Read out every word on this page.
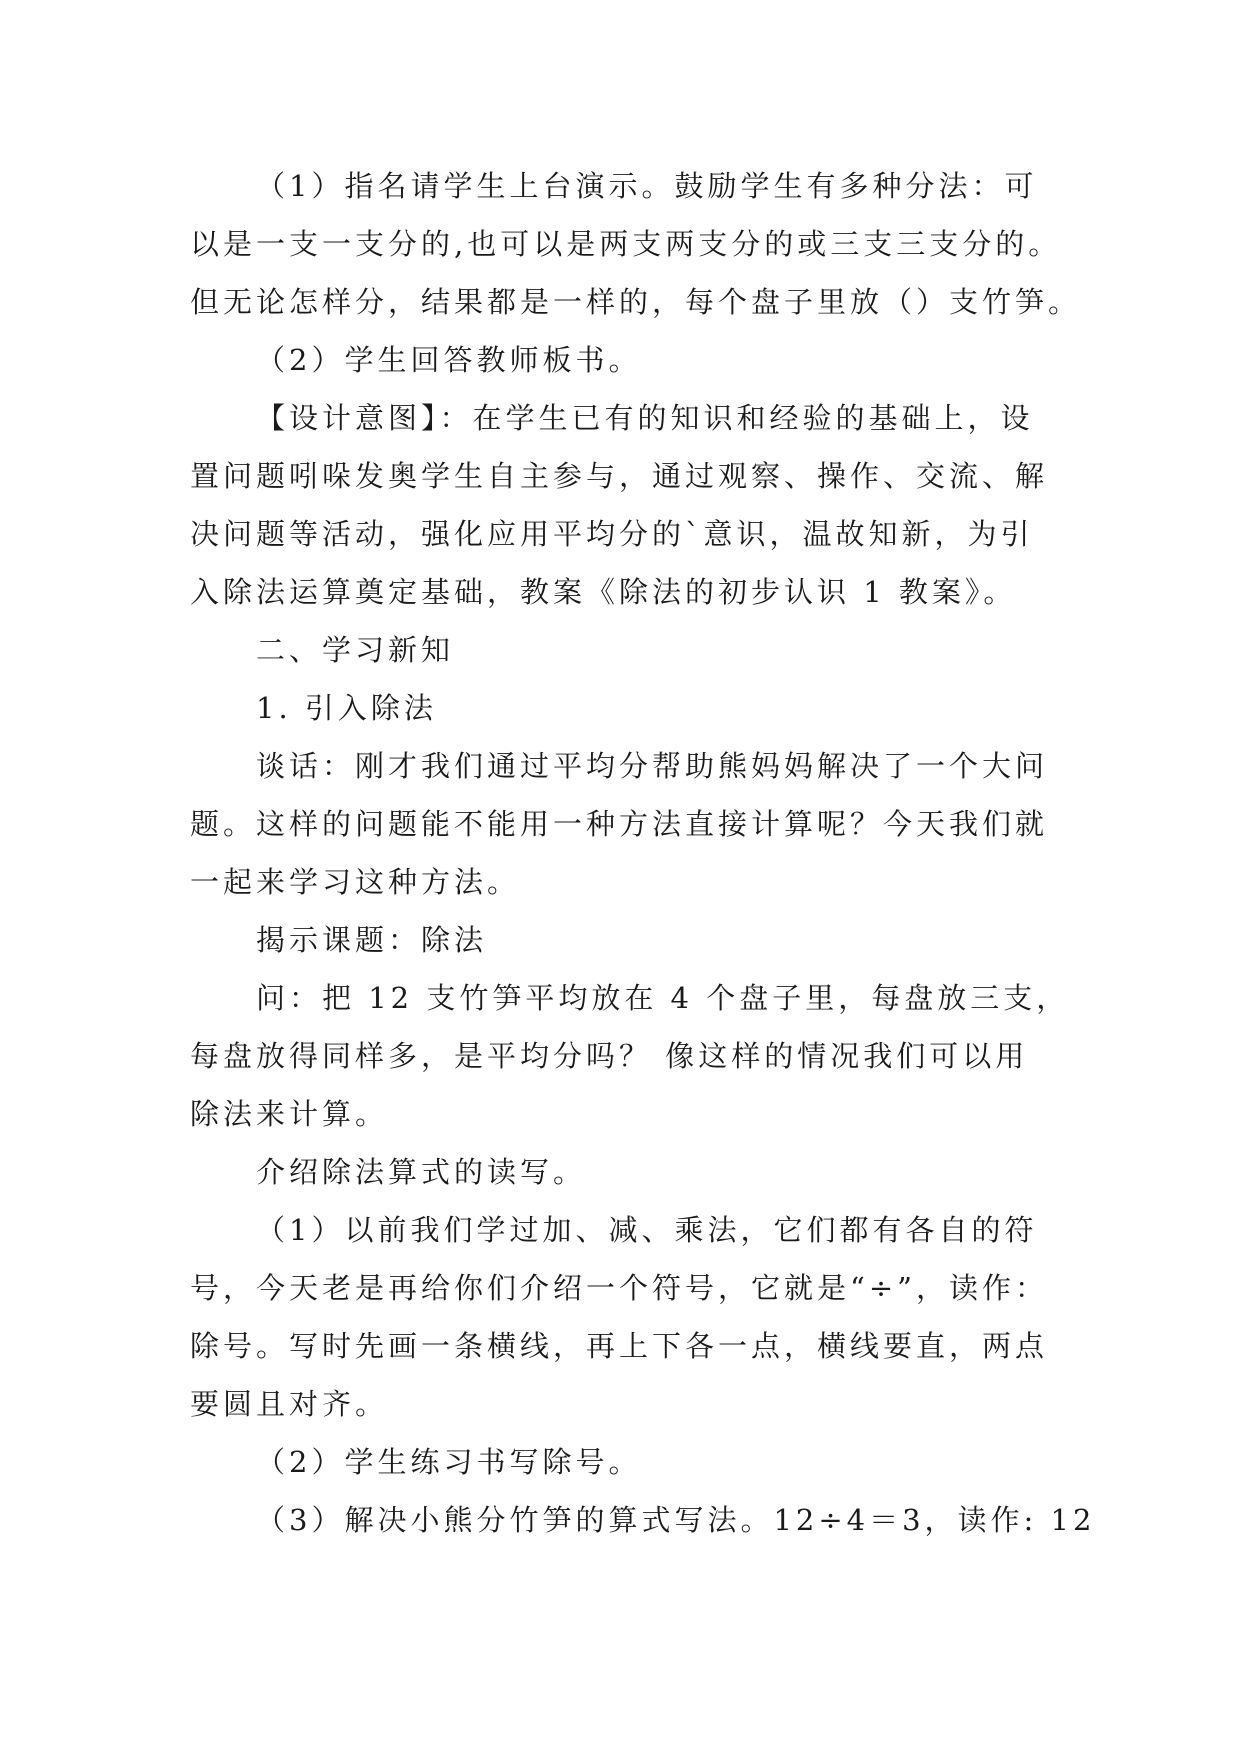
（1）指名请学生上台演示。鼓励学生有多种分法：可
以是一支一支分的,也可以是两支两支分的或三支三支分的。
但无论怎样分，结果都是一样的，每个盘子里放（）支竹笋。
（2）学生回答教师板书。
【设计意图】：在学生已有的知识和经验的基础上，设
置问题吲哚发奥学生自主参与，通过观察、操作、交流、解
决问题等活动，强化应用平均分的`意识，温故知新，为引
入除法运算奠定基础，教案《除法的初步认识 1 教案》。
二、学习新知
1. 引入除法
谈话：刚才我们通过平均分帮助熊妈妈解决了一个大问
题。这样的问题能不能用一种方法直接计算呢？今天我们就
一起来学习这种方法。
揭示课题：除法
问：把 12 支竹笋平均放在 4 个盘子里，每盘放三支，
每盘放得同样多，是平均分吗？ 像这样的情况我们可以用
除法来计算。
介绍除法算式的读写。
（1）以前我们学过加、减、乘法，它们都有各自的符
号，今天老是再给你们介绍一个符号，它就是“÷”，读作：
除号。写时先画一条横线，再上下各一点，横线要直，两点
要圆且对齐。
（2）学生练习书写除号。
（3）解决小熊分竹笋的算式写法。12÷4＝3，读作: 12
